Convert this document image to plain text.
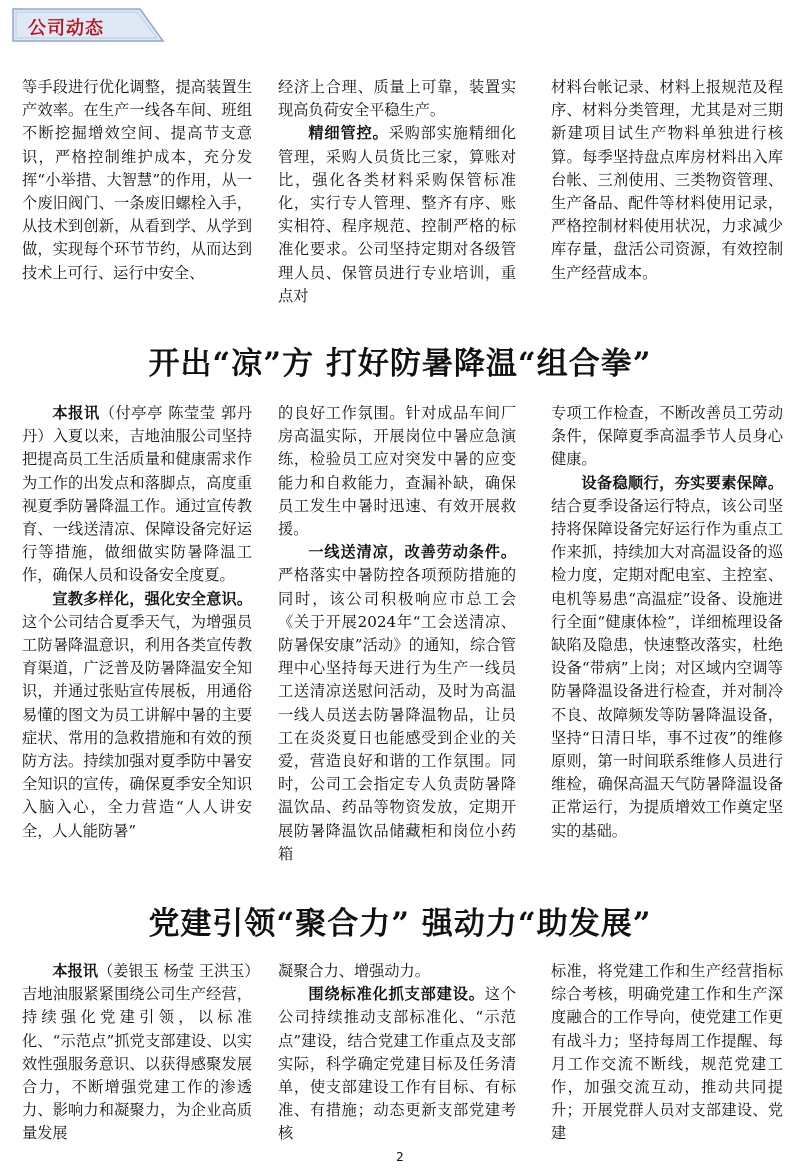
公司动态

等手段进行优化调整，提高装置生产效率。在生产一线各车间、班组不断挖掘增效空间、提高节支意识，严格控制维护成本，充分发挥“小举措、大智慧”的作用，从一个废旧阀门、一条废旧螺栓入手，从技术到创新，从看到学、从学到做，实现每个环节节约，从而达到技术上可行、运行中安全、

经济上合理、质量上可靠，装置实现高负荷安全平稳生产。

精细管控。采购部实施精细化管理，采购人员货比三家，算账对比，强化各类材料采购保管标准化，实行专人管理、整齐有序、账实相符、程序规范、控制严格的标准化要求。公司坚持定期对各级管理人员、保管员进行专业培训，重点对

材料台帐记录、材料上报规范及程序、材料分类管理，尤其是对三期新建项目试生产物料单独进行核算。每季坚持盘点库房材料出入库台帐、三剂使用、三类物资管理、生产备品、配件等材料使用记录，严格控制材料使用状况，力求减少库存量，盘活公司资源，有效控制生产经营成本。

开出“凉”方 打好防暑降温“组合拳”

本报讯（付亭亭 陈莹莹 郭丹丹）入夏以来，吉地油服公司坚持把提高员工生活质量和健康需求作为工作的出发点和落脚点，高度重视夏季防暑降温工作。通过宣传教育、一线送清凉、保障设备完好运行等措施，做细做实防暑降温工作，确保人员和设备安全度夏。

宣教多样化，强化安全意识。这个公司结合夏季天气，为增强员工防暑降温意识，利用各类宣传教育渠道，广泛普及防暑降温安全知识，并通过张贴宣传展板，用通俗易懂的图文为员工讲解中暑的主要症状、常用的急救措施和有效的预防方法。持续加强对夏季防中暑安全知识的宣传，确保夏季安全知识入脑入心，全力营造“人人讲安全，人人能防暑”

的良好工作氛围。针对成品车间厂房高温实际，开展岗位中暑应急演练，检验员工应对突发中暑的应变能力和自救能力，查漏补缺，确保员工发生中暑时迅速、有效开展救援。

一线送清凉，改善劳动条件。严格落实中暑防控各项预防措施的同时，该公司积极响应市总工会《关于开展2024年“工会送清凉、防暑保安康”活动》的通知，综合管理中心坚持每天进行为生产一线员工送清凉送慰问活动，及时为高温一线人员送去防暑降温物品，让员工在炎炎夏日也能感受到企业的关爱，营造良好和谐的工作氛围。同时，公司工会指定专人负责防暑降温饮品、药品等物资发放，定期开展防暑降温饮品储藏柜和岗位小药箱

专项工作检查，不断改善员工劳动条件，保障夏季高温季节人员身心健康。

设备稳顺行，夯实要素保障。结合夏季设备运行特点，该公司坚持将保障设备完好运行作为重点工作来抓，持续加大对高温设备的巡检力度，定期对配电室、主控室、电机等易患“高温症”设备、设施进行全面“健康体检”，详细梳理设备缺陷及隐患，快速整改落实，杜绝设备“带病”上岗；对区域内空调等防暑降温设备进行检查，并对制冷不良、故障频发等防暑降温设备，坚持“日清日毕，事不过夜”的维修原则，第一时间联系维修人员进行维检，确保高温天气防暑降温设备正常运行，为提质增效工作奠定坚实的基础。

党建引领“聚合力” 强动力“助发展”

本报讯（姜银玉 杨莹 王洪玉）吉地油服紧紧围绕公司生产经营，持续强化党建引领，以标准化、“示范点”抓党支部建设、以实效性强服务意识、以获得感聚发展合力，不断增强党建工作的渗透力、影响力和凝聚力，为企业高质量发展

凝聚合力、增强动力。

围绕标准化抓支部建设。这个公司持续推动支部标准化、“示范点”建设，结合党建工作重点及支部实际，科学确定党建目标及任务清单，使支部建设工作有目标、有标准、有措施；动态更新支部党建考核

标准，将党建工作和生产经营指标综合考核，明确党建工作和生产深度融合的工作导向，使党建工作更有战斗力；坚持每周工作提醒、每月工作交流不断线，规范党建工作，加强交流互动，推动共同提升；开展党群人员对支部建设、党建

2
